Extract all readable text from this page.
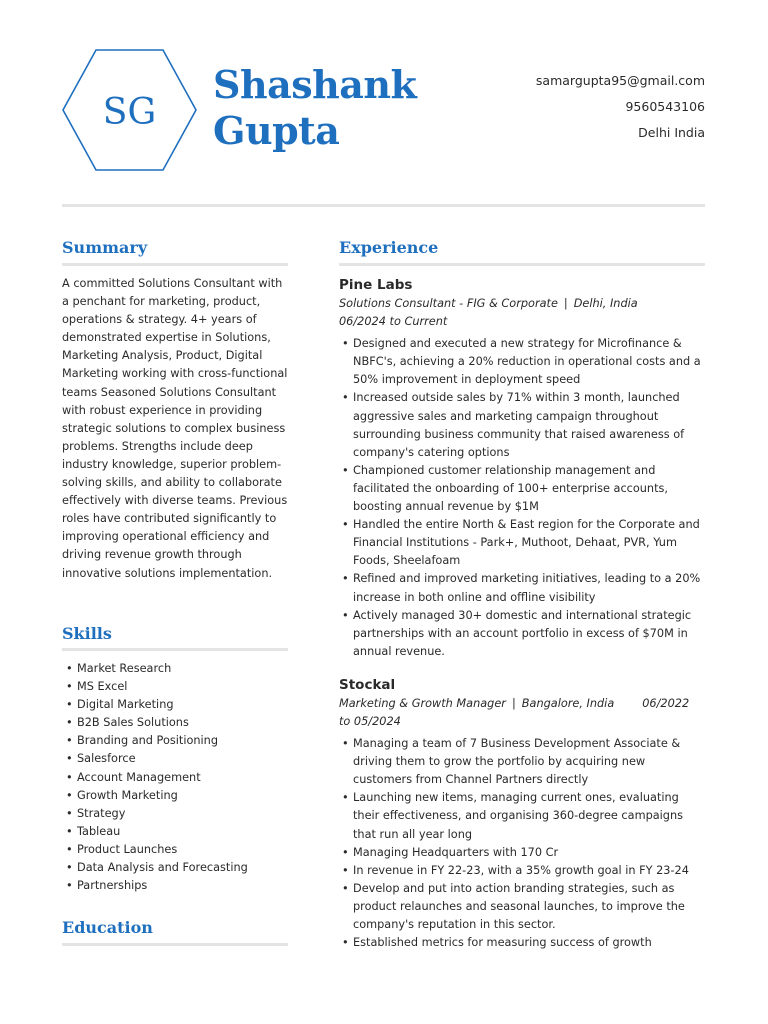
SG
Shashank
Gupta
samargupta95@gmail.com
9560543106
Delhi India
Summary

A committed Solutions Consultant with a penchant for marketing, product, operations & strategy. 4+ years of demonstrated expertise in Solutions, Marketing Analysis, Product, Digital Marketing working with cross-functional teams Seasoned Solutions Consultant with robust experience in providing strategic solutions to complex business problems. Strengths include deep industry knowledge, superior problem-solving skills, and ability to collaborate effectively with diverse teams. Previous roles have contributed significantly to improving operational efficiency and driving revenue growth through innovative solutions implementation.

Skills
• Market Research
• MS Excel
• Digital Marketing
• B2B Sales Solutions
• Branding and Positioning
• Salesforce
• Account Management
• Growth Marketing
• Strategy
• Tableau
• Product Launches
• Data Analysis and Forecasting
• Partnerships
Education
Experience

Pine Labs

Solutions Consultant - FIG & Corporate | Delhi, India

06/2024 to Current

• Designed and executed a new strategy for Microfinance & NBFC's, achieving a 20% reduction in operational costs and a 50% improvement in deployment speed
• Increased outside sales by 71% within 3 month, launched aggressive sales and marketing campaign throughout surrounding business community that raised awareness of company's catering options
• Championed customer relationship management and facilitated the onboarding of 100+ enterprise accounts, boosting annual revenue by $1M
• Handled the entire North & East region for the Corporate and Financial Institutions - Park+, Muthoot, Dehaat, PVR, Yum Foods, Sheelafoam
• Refined and improved marketing initiatives, leading to a 20% increase in both online and offline visibility
• Actively managed 30+ domestic and international strategic partnerships with an account portfolio in excess of $70M in annual revenue.

Stockal

Marketing & Growth Manager | Bangalore, India 06/2022

to 05/2024

• Managing a team of 7 Business Development Associate & driving them to grow the portfolio by acquiring new customers from Channel Partners directly
• Launching new items, managing current ones, evaluating their effectiveness, and organising 360-degree campaigns that run all year long
• Managing Headquarters with 170 Cr
• In revenue in FY 22-23, with a 35% growth goal in FY 23-24
• Develop and put into action branding strategies, such as product relaunches and seasonal launches, to improve the company's reputation in this sector.
• Established metrics for measuring success of growth
